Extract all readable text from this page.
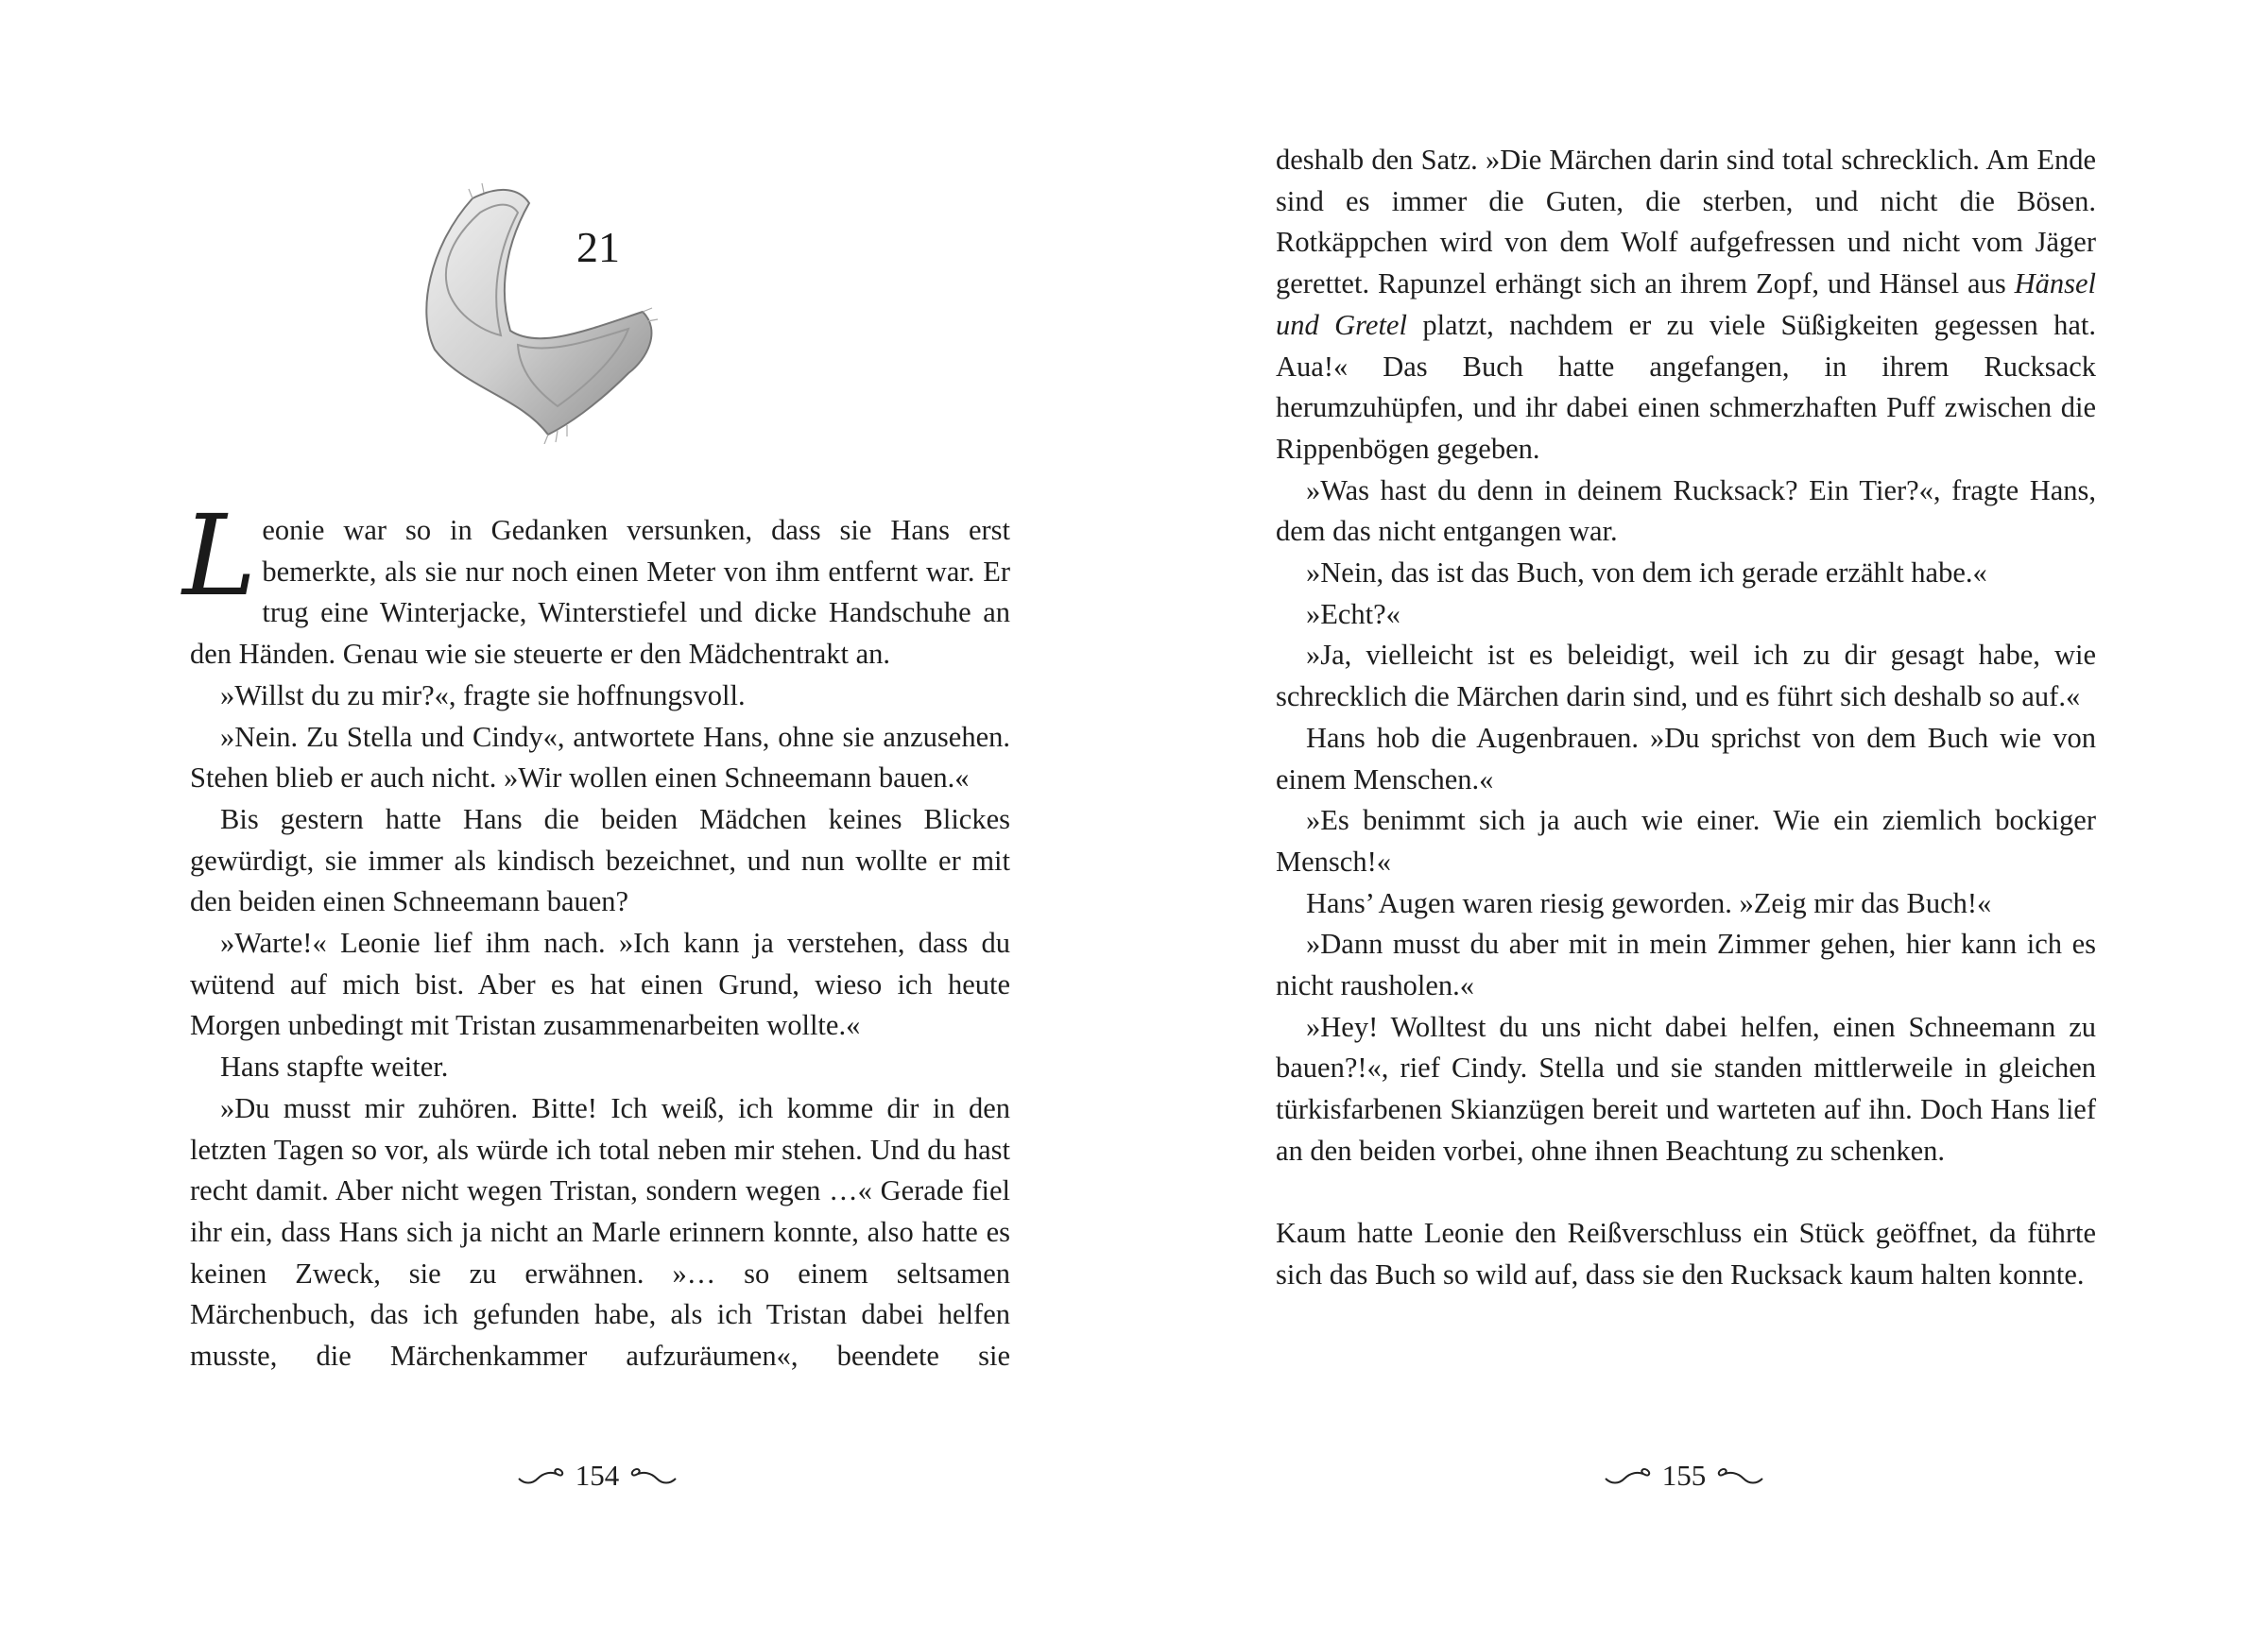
21

Leonie war so in Gedanken versunken, dass sie Hans erst bemerkte, als sie nur noch einen Meter von ihm entfernt war. Er trug eine Winterjacke, Winterstiefel und dicke Handschuhe an den Händen. Genau wie sie steuerte er den Mädchentrakt an.

»Willst du zu mir?«, fragte sie hoffnungsvoll.

»Nein. Zu Stella und Cindy«, antwortete Hans, ohne sie anzusehen. Stehen blieb er auch nicht. »Wir wollen einen Schneemann bauen.«

Bis gestern hatte Hans die beiden Mädchen keines Blickes gewürdigt, sie immer als kindisch bezeichnet, und nun wollte er mit den beiden einen Schneemann bauen?

»Warte!« Leonie lief ihm nach. »Ich kann ja verstehen, dass du wütend auf mich bist. Aber es hat einen Grund, wieso ich heute Morgen unbedingt mit Tristan zusammenarbeiten wollte.«

Hans stapfte weiter.

»Du musst mir zuhören. Bitte! Ich weiß, ich komme dir in den letzten Tagen so vor, als würde ich total neben mir stehen. Und du hast recht damit. Aber nicht wegen Tristan, sondern wegen …« Gerade fiel ihr ein, dass Hans sich ja nicht an Marle erinnern konnte, also hatte es keinen Zweck, sie zu erwähnen. »… so einem seltsamen Märchenbuch, das ich gefunden habe, als ich Tristan dabei helfen musste, die Märchenkammer aufzuräumen«, beendete sie

154

deshalb den Satz. »Die Märchen darin sind total schrecklich. Am Ende sind es immer die Guten, die sterben, und nicht die Bösen. Rotkäppchen wird von dem Wolf aufgefressen und nicht vom Jäger gerettet. Rapunzel erhängt sich an ihrem Zopf, und Hänsel aus Hänsel und Gretel platzt, nachdem er zu viele Süßigkeiten gegessen hat. Aua!« Das Buch hatte angefangen, in ihrem Rucksack herumzuhüpfen, und ihr dabei einen schmerzhaften Puff zwischen die Rippenbögen gegeben.

»Was hast du denn in deinem Rucksack? Ein Tier?«, fragte Hans, dem das nicht entgangen war.

»Nein, das ist das Buch, von dem ich gerade erzählt habe.«

»Echt?«

»Ja, vielleicht ist es beleidigt, weil ich zu dir gesagt habe, wie schrecklich die Märchen darin sind, und es führt sich deshalb so auf.«

Hans hob die Augenbrauen. »Du sprichst von dem Buch wie von einem Menschen.«

»Es benimmt sich ja auch wie einer. Wie ein ziemlich bockiger Mensch!«

Hans’ Augen waren riesig geworden. »Zeig mir das Buch!«

»Dann musst du aber mit in mein Zimmer gehen, hier kann ich es nicht rausholen.«

»Hey! Wolltest du uns nicht dabei helfen, einen Schneemann zu bauen?!«, rief Cindy. Stella und sie standen mittlerweile in gleichen türkisfarbenen Skianzügen bereit und warteten auf ihn. Doch Hans lief an den beiden vorbei, ohne ihnen Beachtung zu schenken.

Kaum hatte Leonie den Reißverschluss ein Stück geöffnet, da führte sich das Buch so wild auf, dass sie den Rucksack kaum halten konnte.

155
